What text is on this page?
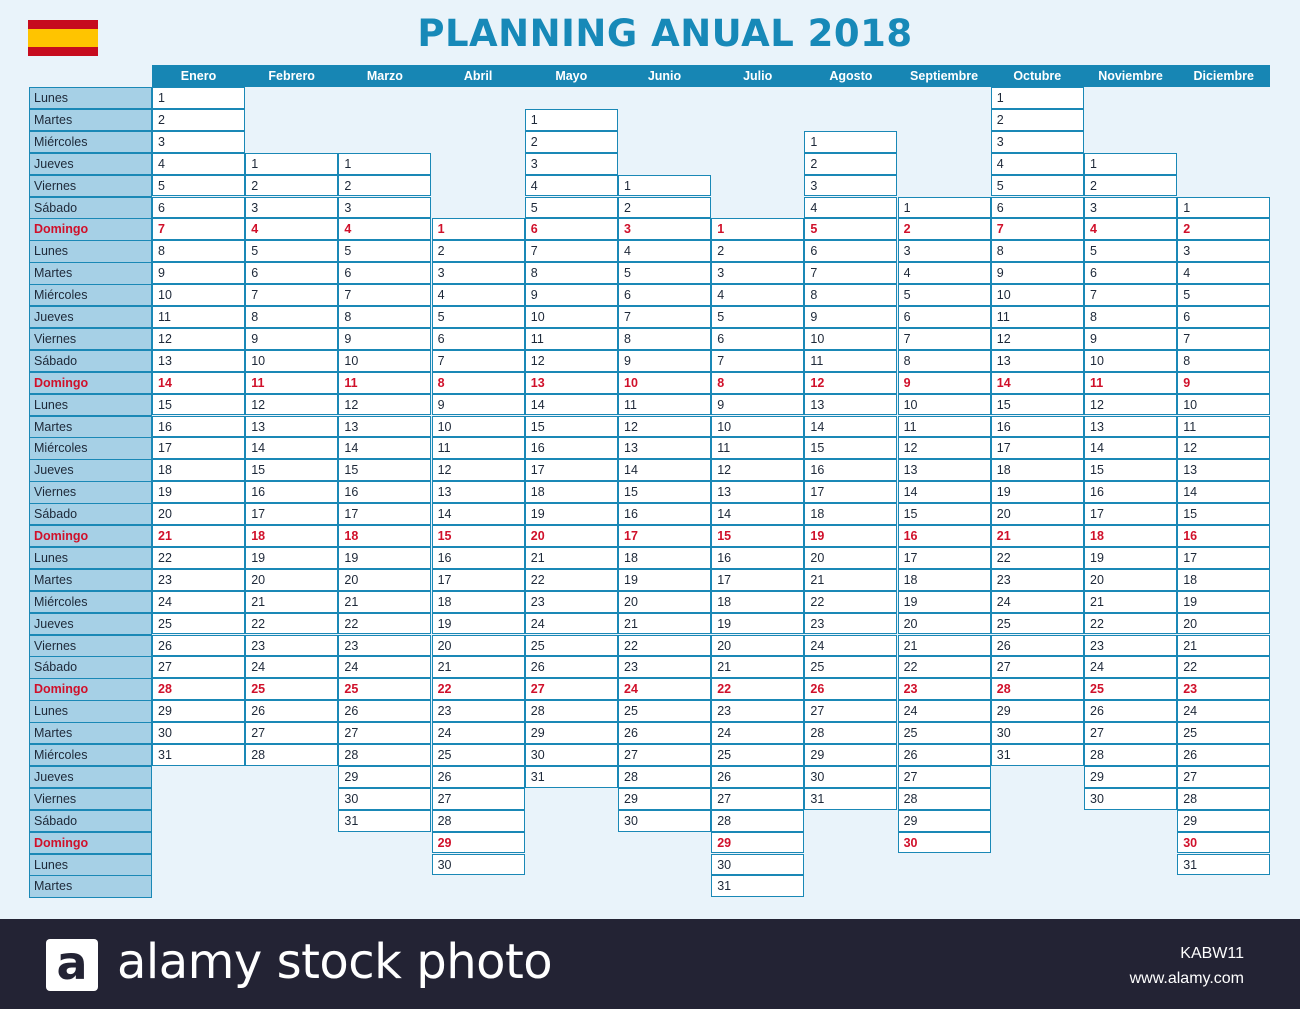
PLANNING ANUAL 2018
Lunes
Martes
Miércoles
Jueves
Viernes
Sábado
Domingo
Lunes
Martes
Miércoles
Jueves
Viernes
Sábado
Domingo
Lunes
Martes
Miércoles
Jueves
Viernes
Sábado
Domingo
Lunes
Martes
Miércoles
Jueves
Viernes
Sábado
Domingo
Lunes
Martes
Miércoles
Jueves
Viernes
Sábado
Domingo
Lunes
Martes
Enero
1
2
3
4
5
6
7
8
9
10
11
12
13
14
15
16
17
18
19
20
21
22
23
24
25
26
27
28
29
30
31
Febrero
1
2
3
4
5
6
7
8
9
10
11
12
13
14
15
16
17
18
19
20
21
22
23
24
25
26
27
28
Marzo
1
2
3
4
5
6
7
8
9
10
11
12
13
14
15
16
17
18
19
20
21
22
23
24
25
26
27
28
29
30
31
Abril
1
2
3
4
5
6
7
8
9
10
11
12
13
14
15
16
17
18
19
20
21
22
23
24
25
26
27
28
29
30
Mayo
1
2
3
4
5
6
7
8
9
10
11
12
13
14
15
16
17
18
19
20
21
22
23
24
25
26
27
28
29
30
31
Junio
1
2
3
4
5
6
7
8
9
10
11
12
13
14
15
16
17
18
19
20
21
22
23
24
25
26
27
28
29
30
Julio
1
2
3
4
5
6
7
8
9
10
11
12
13
14
15
16
17
18
19
20
21
22
23
24
25
26
27
28
29
30
31
Agosto
1
2
3
4
5
6
7
8
9
10
11
12
13
14
15
16
17
18
19
20
21
22
23
24
25
26
27
28
29
30
31
Septiembre
1
2
3
4
5
6
7
8
9
10
11
12
13
14
15
16
17
18
19
20
21
22
23
24
25
26
27
28
29
30
Octubre
1
2
3
4
5
6
7
8
9
10
11
12
13
14
15
16
17
18
19
20
21
22
23
24
25
26
27
28
29
30
31
Noviembre
1
2
3
4
5
6
7
8
9
10
11
12
13
14
15
16
17
18
19
20
21
22
23
24
25
26
27
28
29
30
Diciembre
1
2
3
4
5
6
7
8
9
10
11
12
13
14
15
16
17
18
19
20
21
22
23
24
25
26
27
28
29
30
31
a alamy stock photo	KABW11
www.alamy.com
